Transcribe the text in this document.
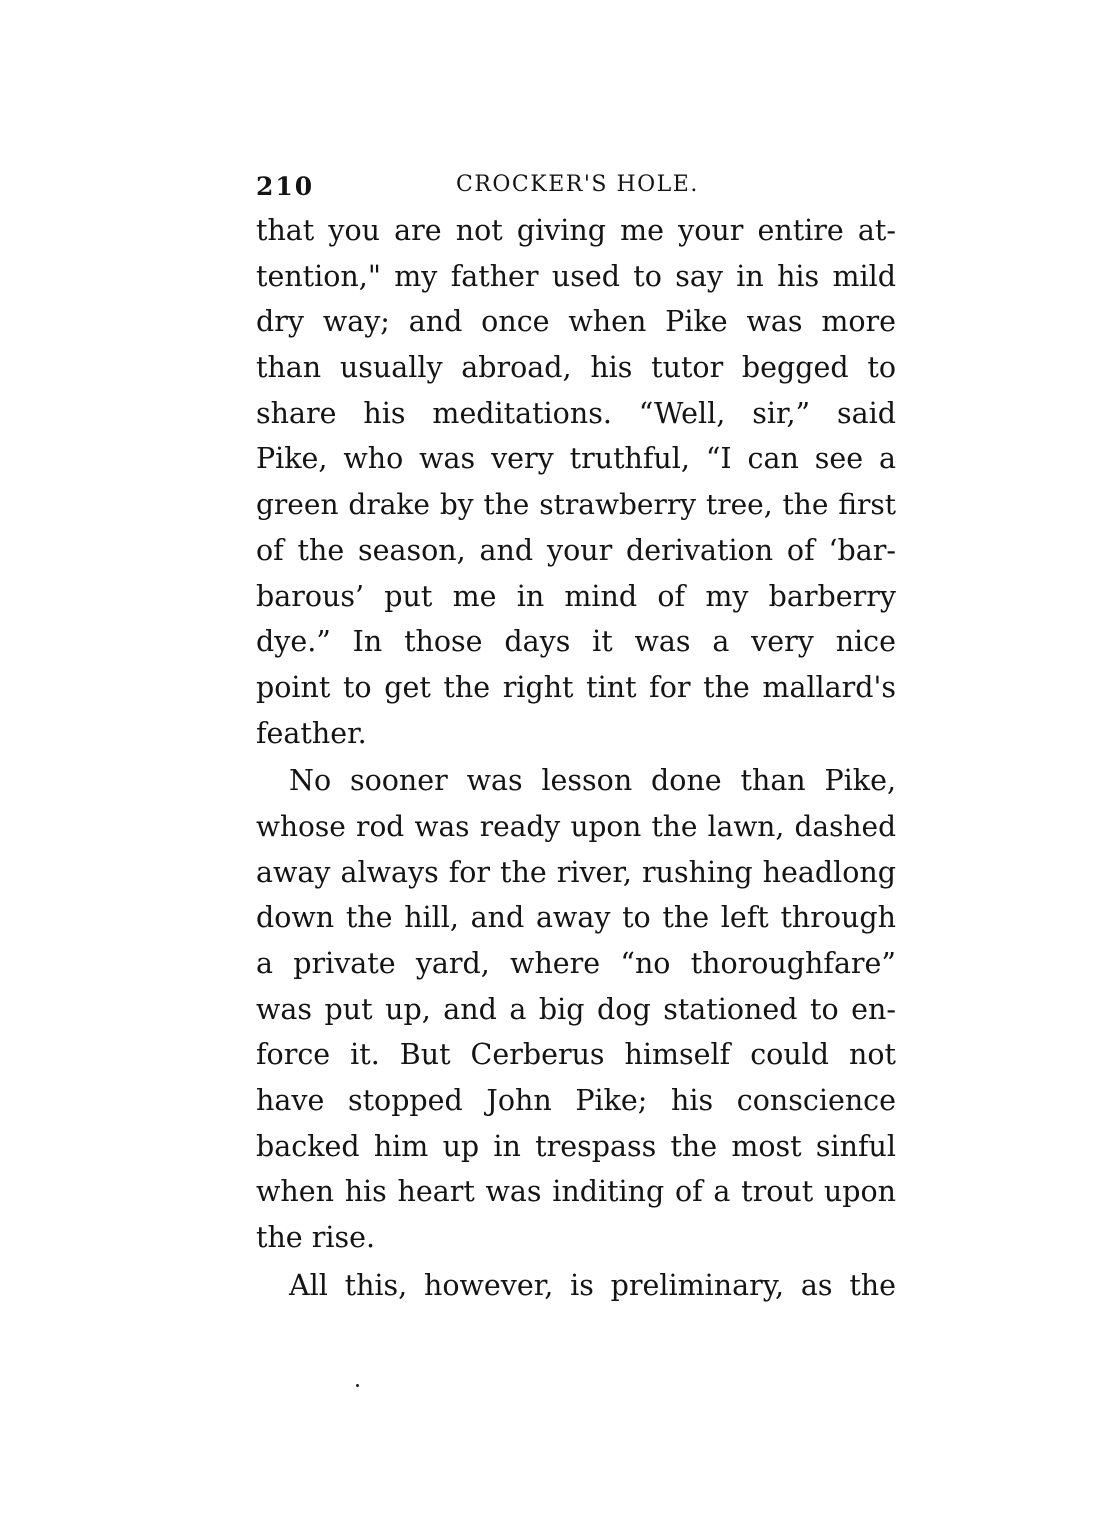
210	CROCKER'S HOLE.
that you are not giving me your entire at-
tention," my father used to say in his mild
dry way; and once when Pike was more
than usually abroad, his tutor begged to
share his meditations. “Well, sir,” said
Pike, who was very truthful, “I can see a
green drake by the strawberry tree, the first
of the season, and your derivation of ‘bar-
barous’ put me in mind of my barberry
dye.” In those days it was a very nice
point to get the right tint for the mallard's
feather.
No sooner was lesson done than Pike,
whose rod was ready upon the lawn, dashed
away always for the river, rushing headlong
down the hill, and away to the left through
a private yard, where “no thoroughfare”
was put up, and a big dog stationed to en-
force it. But Cerberus himself could not
have stopped John Pike; his conscience
backed him up in trespass the most sinful
when his heart was inditing of a trout upon
the rise.
All this, however, is preliminary, as the
